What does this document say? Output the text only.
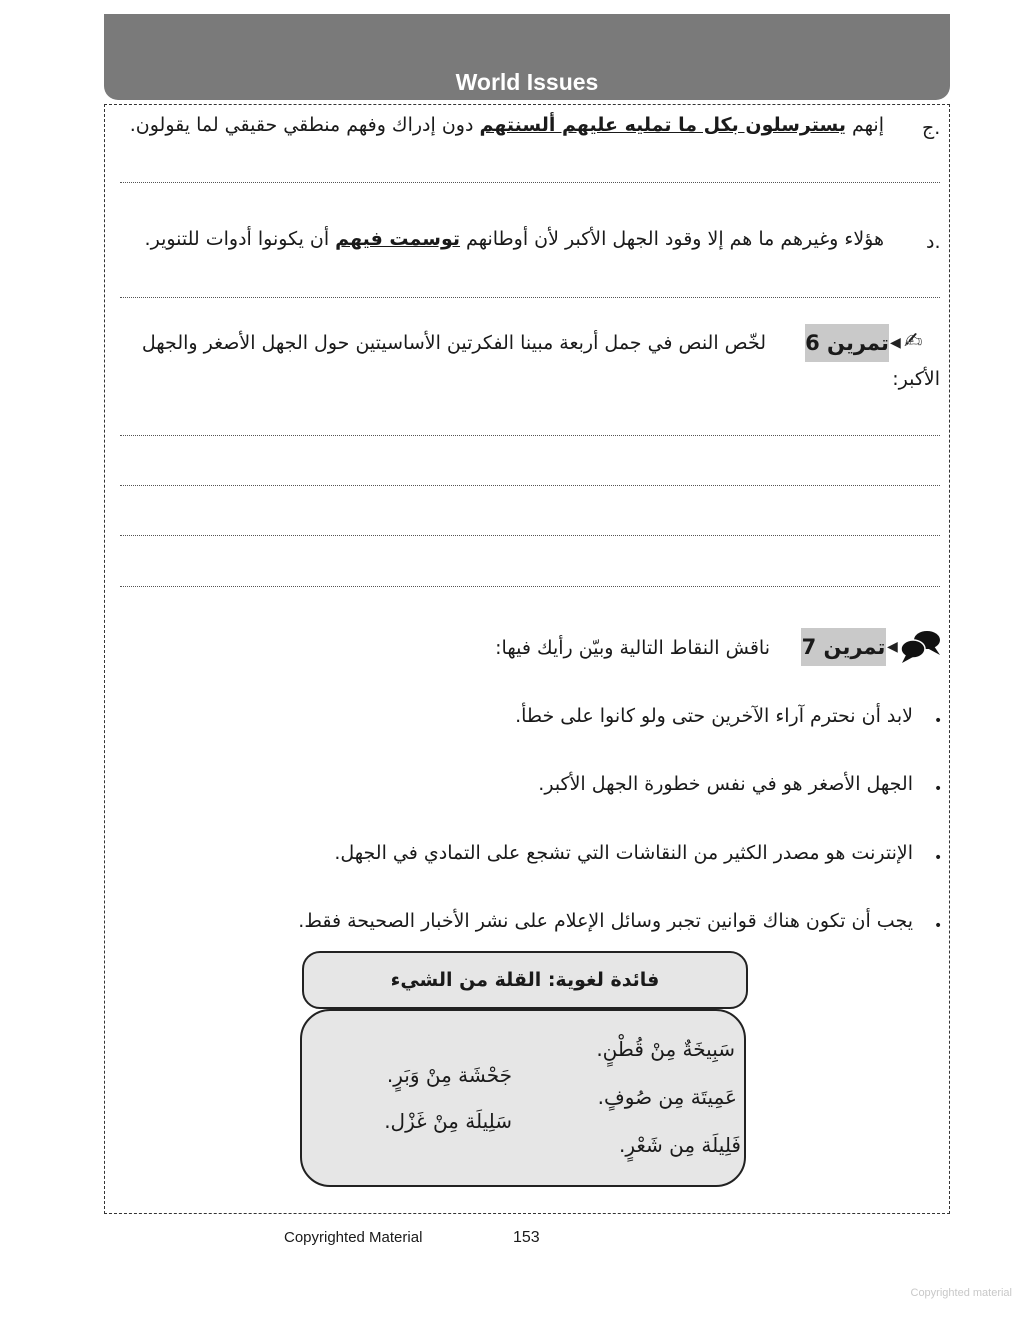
World Issues
ج.
إنهم يسترسلون بكل ما تمليه عليهم ألسنتهم دون إدراك وفهم منطقي حقيقي لما يقولون.
د.
هؤلاء وغيرهم ما هم إلا وقود الجهل الأكبر لأن أوطانهم توسمت فيهم أن يكونوا أدوات للتنوير.
✍
◀
تمرين 6
لخّص النص في جمل أربعة مبينا الفكرتين الأساسيتين حول الجهل الأصغر والجهل
الأكبر:
◀
تمرين 7
ناقش النقاط التالية وبيّن رأيك فيها:
•
لابد أن نحترم آراء الآخرين حتى ولو كانوا على خطأ.
•
الجهل الأصغر هو في نفس خطورة الجهل الأكبر.
•
الإنترنت هو مصدر الكثير من النقاشات التي تشجع على التمادي في الجهل.
•
يجب أن تكون هناك قوانين تجبر وسائل الإعلام على نشر الأخبار الصحيحة فقط.
فائدة لغوية: القلة من الشيء
سَبِيخَةٌ مِنْ قُطْنٍ.
عَمِيتَة مِن صُوفٍ.
فَلِيلَة مِن شَعْرٍ.
جَحْشَة مِنْ وَبَرٍ.
سَلِيلَة مِنْ غَزْل.
Copyrighted Material	153
Copyrighted material
